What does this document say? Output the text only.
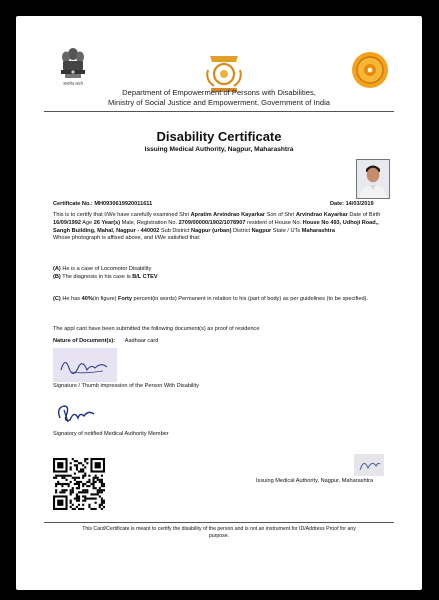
सत्यमेव जयते
Department of Empowerment of Persons with Disabilities,
Ministry of Social Justice and Empowerment, Government of India
Disability Certificate
Issuing Medical Authority, Nagpur, Maharashtra
Certificate No.: MH0930619920011611	Date: 14/03/2019
This is to certify that I/We have carefully examined Shri Apratim Arvindrao Kayarkar Son of Shri Arvindrao Kayarkar Date of Birth 16/09/1992 Age 26 Year(s) Male, Registration No. 2709/00000/1902/1078907 resident of House No. House No 493, Udhoji Road,, Sangh Building, Mahal, Nagpur - 440002 Sub District Nagpur (urban) District Nagpur State / UTs Maharashtra
Whose photograph is affixed above, and I/We satisfied that:
(A) He is a case of Locomotor Disability
(B) The diagnosis in his case is B/L CTEV
(C) He has 40%(in figure) Forty percent(in words) Permanent in relation to his (part of body) as per guidelines (to be specified).
The appl cant have been submitted the following document(s) as proof of residence
Nature of Document(s): Aadhaar card
Signature / Thumb impression of the Person With Disability
Signatory of notified Medical Authority Member
Issuing Medical Authority, Nagpur, Maharashtra
This Card/Certificate is meant to certify the disability of the person and is not an instrument for ID/Address Proof for any
purpose.
